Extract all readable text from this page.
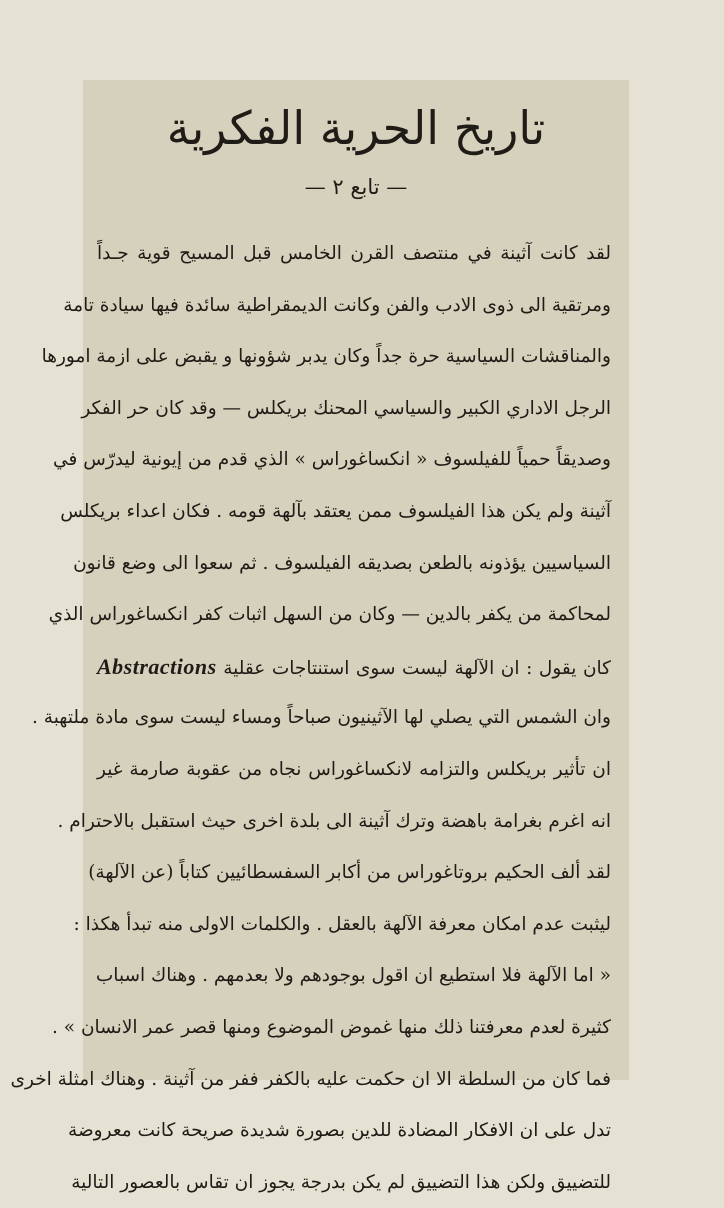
تاريخ الحرية الفكرية
— تابع ٢ —
لقد كانت آثينة في منتصف القرن الخامس قبل المسيح قوية جـداً
ومرتقية الى ذوى الادب والفن وكانت الديمقراطية سائدة فيها سيادة تامة
والمناقشات السياسية حرة جداً وكان يدبر شؤونها و يقبض على ازمة امورها
الرجل الاداري الكبير والسياسي المحنك بريكلس — وقد كان حر الفكر
وصديقاً حمياً للفيلسوف « انكساغوراس » الذي قدم من إيونية ليدرّس في
آثينة ولم يكن هذا الفيلسوف ممن يعتقد بآلهة قومه . فكان اعداء بريكلس
السياسيين يؤذونه بالطعن بصديقه الفيلسوف . ثم سعوا الى وضع قانون
لمحاكمة من يكفر بالدين — وكان من السهل اثبات كفر انكساغوراس الذي
كان يقول : ان الآلهة ليست سوى استنتاجات عقلية Abstractions
وان الشمس التي يصلي لها الآثينيون صباحاً ومساء ليست سوى مادة ملتهبة .
ان تأثير بريكلس والتزامه لانكساغوراس نجاه من عقوبة صارمة غير
انه اغرم بغرامة باهضة وترك آثينة الى بلدة اخرى حيث استقبل بالاحترام .
لقد ألف الحكيم بروتاغوراس من أكابر السفسطائيين كتاباً (عن الآلهة)
ليثبت عدم امكان معرفة الآلهة بالعقل . والكلمات الاولى منه تبدأ هكذا :
« اما الآلهة فلا استطيع ان اقول بوجودهم ولا بعدمهم . وهناك اسباب
كثيرة لعدم معرفتنا ذلك منها غموض الموضوع ومنها قصر عمر الانسان » .
فما كان من السلطة الا ان حكمت عليه بالكفر ففر من آثينة . وهناك امثلة اخرى
تدل على ان الافكار المضادة للدين بصورة شديدة صريحة كانت معروضة
للتضييق ولكن هذا التضييق لم يكن بدرجة يجوز ان تقاس بالعصور التالية
